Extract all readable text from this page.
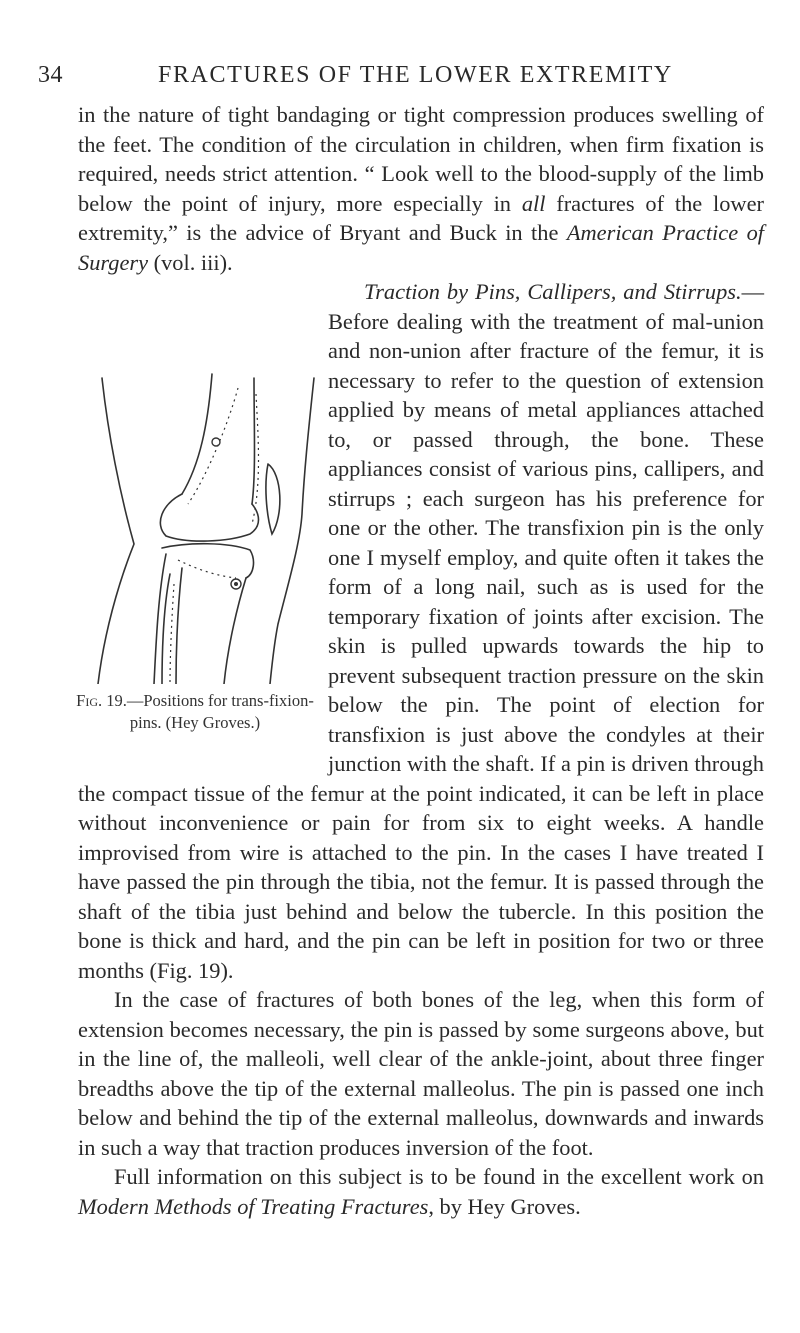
34	FRACTURES OF THE LOWER EXTREMITY

in the nature of tight bandaging or tight compression produces swelling of the feet. The condition of the circulation in children, when firm fixation is required, needs strict attention. “ Look well to the blood-supply of the limb below the point of injury, more especially in all fractures of the lower extremity,” is the advice of Bryant and Buck in the American Practice of Surgery (vol. iii).

Traction by Pins, Callipers, and Stirrups.—Before dealing with the treatment of mal-union and non-union after fracture of the femur, it is necessary to refer to the question of extension applied by means of metal appliances attached to, or passed through, the bone. These appliances consist of various pins, callipers, and stirrups ; each surgeon has his preference for one or the other. The transfixion pin is the only one I myself employ, and quite often it takes the form of a long nail, such as is used for the temporary fixation of joints after excision. The skin is pulled upwards towards the hip to prevent subsequent traction pressure on the skin below the pin. The point of election for transfixion is just above the condyles at their junction with the shaft. If a pin is driven through the compact tissue of the femur at the point indicated, it can be left in place without inconvenience or pain for from six to eight weeks. A handle improvised from wire is attached to the pin. In the cases I have treated I have passed the pin through the tibia, not the femur. It is passed through the shaft of the tibia just behind and below the tubercle. In this position the bone is thick and hard, and the pin can be left in position for two or three months (Fig. 19).

In the case of fractures of both bones of the leg, when this form of extension becomes necessary, the pin is passed by some surgeons above, but in the line of, the malleoli, well clear of the ankle-joint, about three finger breadths above the tip of the external malleolus. The pin is passed one inch below and behind the tip of the external malleolus, downwards and inwards in such a way that traction produces inversion of the foot.

Full information on this subject is to be found in the excellent work on Modern Methods of Treating Fractures, by Hey Groves.

Fig. 19.—Positions for trans-fixion-pins. (Hey Groves.)
